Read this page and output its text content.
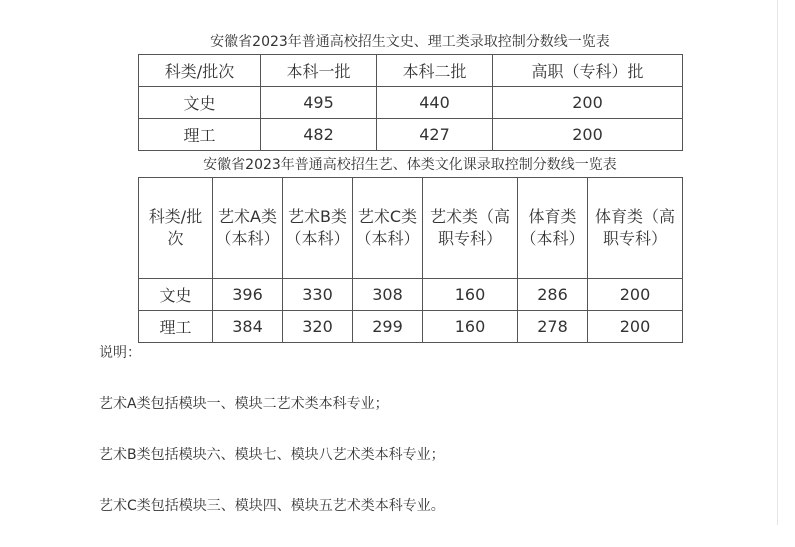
安徽省2023年普通高校招生文史、理工类录取控制分数线一览表
科类/批次	本科一批	本科二批	高职（专科）批
文史	495	440	200
理工	482	427	200
安徽省2023年普通高校招生艺、体类文化课录取控制分数线一览表
科类/批次	艺术A类（本科）	艺术B类（本科）	艺术C类（本科）	艺术类（高职专科）	体育类（本科）	体育类（高职专科）
文史	396	330	308	160	286	200
理工	384	320	299	160	278	200

说明：

艺术A类包括模块一、模块二艺术类本科专业；

艺术B类包括模块六、模块七、模块八艺术类本科专业；

艺术C类包括模块三、模块四、模块五艺术类本科专业。
